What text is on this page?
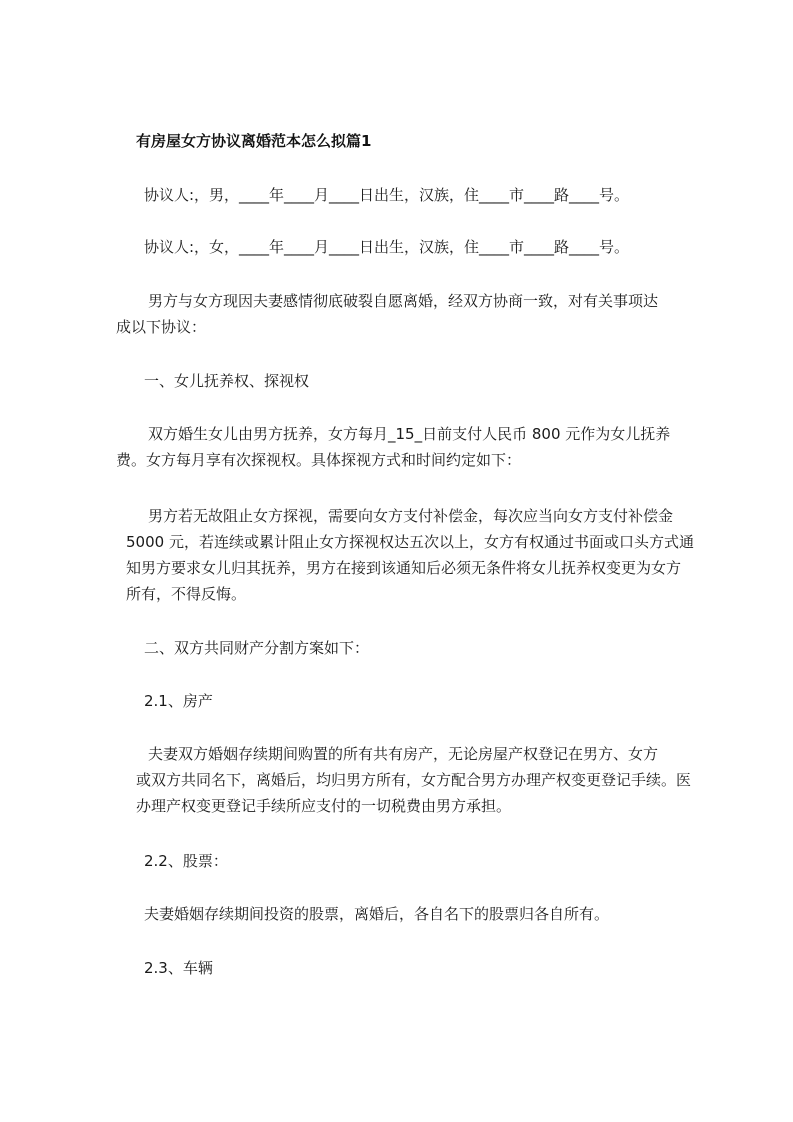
有房屋女方协议离婚范本怎么拟篇1
协议人:，男，____年____月____日出生，汉族，住____市____路____号。
协议人:，女，____年____月____日出生，汉族，住____市____路____号。
男方与女方现因夫妻感情彻底破裂自愿离婚，经双方协商一致，对有关事项达
成以下协议：
一、女儿抚养权、探视权
双方婚生女儿由男方抚养，女方每月_15_日前支付人民币 800 元作为女儿抚养
费。女方每月享有次探视权。具体探视方式和时间约定如下：
男方若无故阻止女方探视，需要向女方支付补偿金，每次应当向女方支付补偿金
5000 元，若连续或累计阻止女方探视权达五次以上，女方有权通过书面或口头方式通
知男方要求女儿归其抚养，男方在接到该通知后必须无条件将女儿抚养权变更为女方
所有，不得反悔。
二、双方共同财产分割方案如下：
2.1、房产
夫妻双方婚姻存续期间购置的所有共有房产，无论房屋产权登记在男方、女方
或双方共同名下，离婚后，均归男方所有，女方配合男方办理产权变更登记手续。医
办理产权变更登记手续所应支付的一切税费由男方承担。
2.2、股票：
夫妻婚姻存续期间投资的股票，离婚后，各自名下的股票归各自所有。
2.3、车辆
